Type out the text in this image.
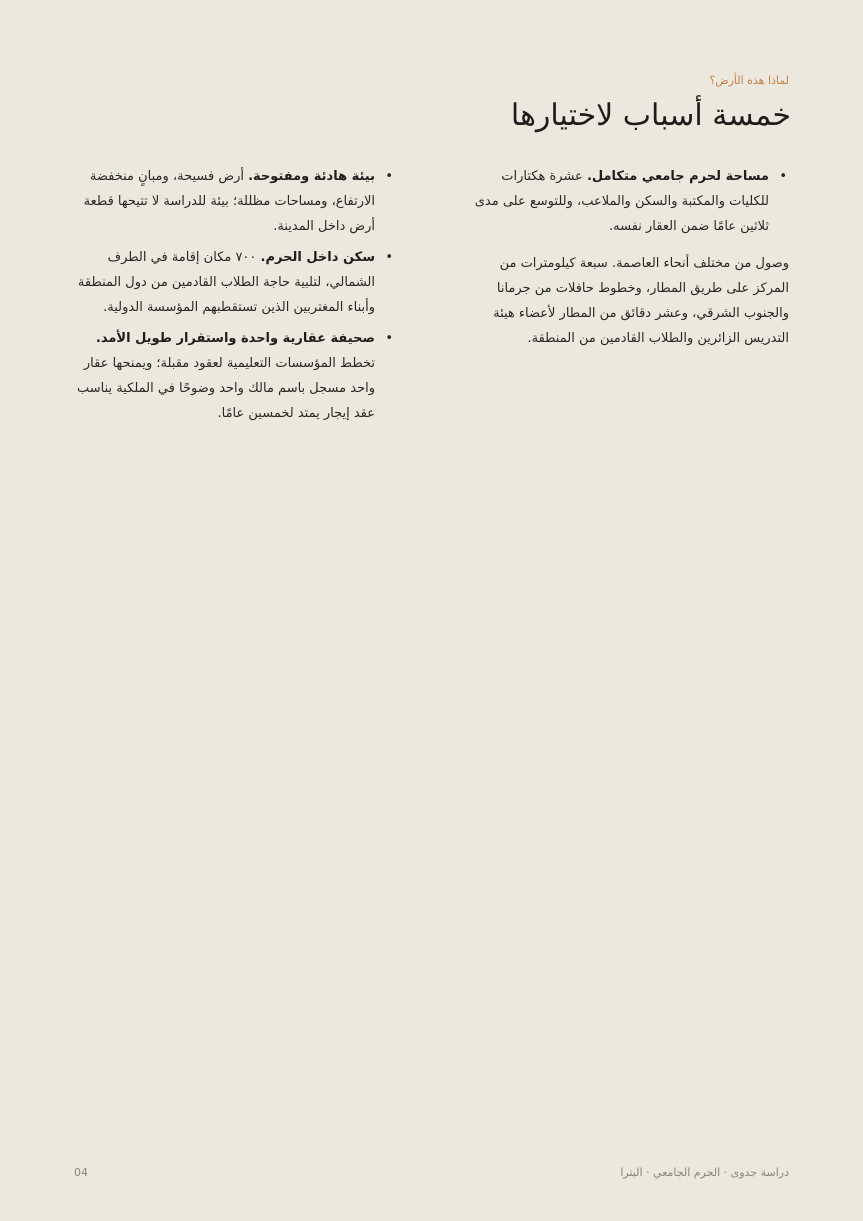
لماذا هذه الأرض؟
خمسة أسباب لاختيارها
•
مساحة لحرم جامعي متكامل. عشرة هكتارات للكليات والمكتبة والسكن والملاعب، وللتوسع على مدى ثلاثين عامًا ضمن العقار نفسه.

وصول من مختلف أنحاء العاصمة. سبعة كيلومترات من المركز على طريق المطار، وخطوط حافلات من جرمانا والجنوب الشرقي، وعشر دقائق من المطار لأعضاء هيئة التدريس الزائرين والطلاب القادمين من المنطقة.

•
بيئة هادئة ومفتوحة. أرض فسيحة، ومبانٍ منخفضة الارتفاع، ومساحات مظللة؛ بيئة للدراسة لا تتيحها قطعة أرض داخل المدينة.
•
سكن داخل الحرم. ٧٠٠ مكان إقامة في الطرف الشمالي، لتلبية حاجة الطلاب القادمين من دول المنطقة وأبناء المغتربين الذين تستقطبهم المؤسسة الدولية.
•
صحيفة عقارية واحدة واستقرار طويل الأمد. تخطط المؤسسات التعليمية لعقود مقبلة؛ ويمنحها عقار واحد مسجل باسم مالك واحد وضوحًا في الملكية يناسب عقد إيجار يمتد لخمسين عامًا.
04	دراسة جدوى · الحرم الجامعي · اليترا
